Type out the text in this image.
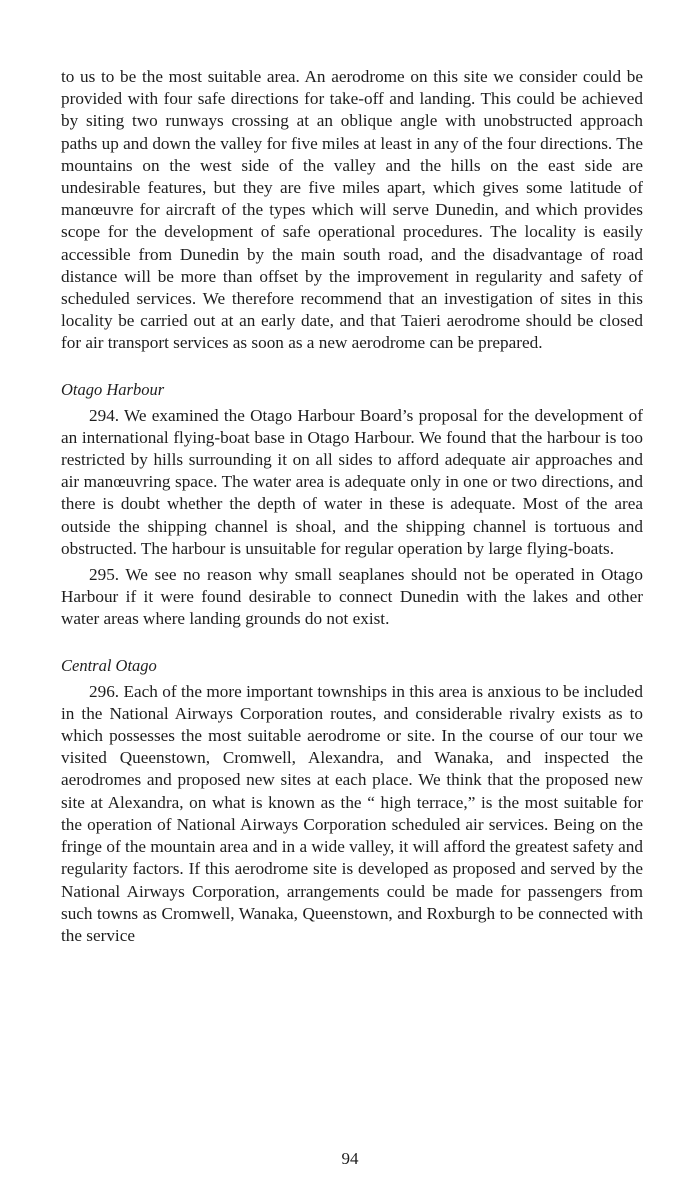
to us to be the most suitable area. An aerodrome on this site we consider could be provided with four safe directions for take-off and landing. This could be achieved by siting two runways crossing at an oblique angle with unobstructed approach paths up and down the valley for five miles at least in any of the four directions. The mountains on the west side of the valley and the hills on the east side are undesirable features, but they are five miles apart, which gives some latitude of manœuvre for aircraft of the types which will serve Dunedin, and which provides scope for the development of safe operational procedures. The locality is easily accessible from Dunedin by the main south road, and the disadvantage of road distance will be more than offset by the improvement in regularity and safety of scheduled services. We therefore recommend that an investigation of sites in this locality be carried out at an early date, and that Taieri aerodrome should be closed for air transport services as soon as a new aerodrome can be prepared.

Otago Harbour

294. We examined the Otago Harbour Board’s proposal for the development of an international flying-boat base in Otago Harbour. We found that the harbour is too restricted by hills surrounding it on all sides to afford adequate air approaches and air manœuvring space. The water area is adequate only in one or two directions, and there is doubt whether the depth of water in these is adequate. Most of the area outside the shipping channel is shoal, and the shipping channel is tortuous and obstructed. The harbour is unsuitable for regular operation by large flying-boats.

295. We see no reason why small seaplanes should not be operated in Otago Harbour if it were found desirable to connect Dunedin with the lakes and other water areas where landing grounds do not exist.

Central Otago

296. Each of the more important townships in this area is anxious to be included in the National Airways Corporation routes, and considerable rivalry exists as to which possesses the most suitable aerodrome or site. In the course of our tour we visited Queenstown, Cromwell, Alexandra, and Wanaka, and inspected the aerodromes and proposed new sites at each place. We think that the proposed new site at Alexandra, on what is known as the “ high terrace,” is the most suitable for the operation of National Airways Corporation scheduled air services. Being on the fringe of the mountain area and in a wide valley, it will afford the greatest safety and regularity factors. If this aerodrome site is developed as proposed and served by the National Airways Corporation, arrangements could be made for passengers from such towns as Cromwell, Wanaka, Queenstown, and Roxburgh to be connected with the service

94
